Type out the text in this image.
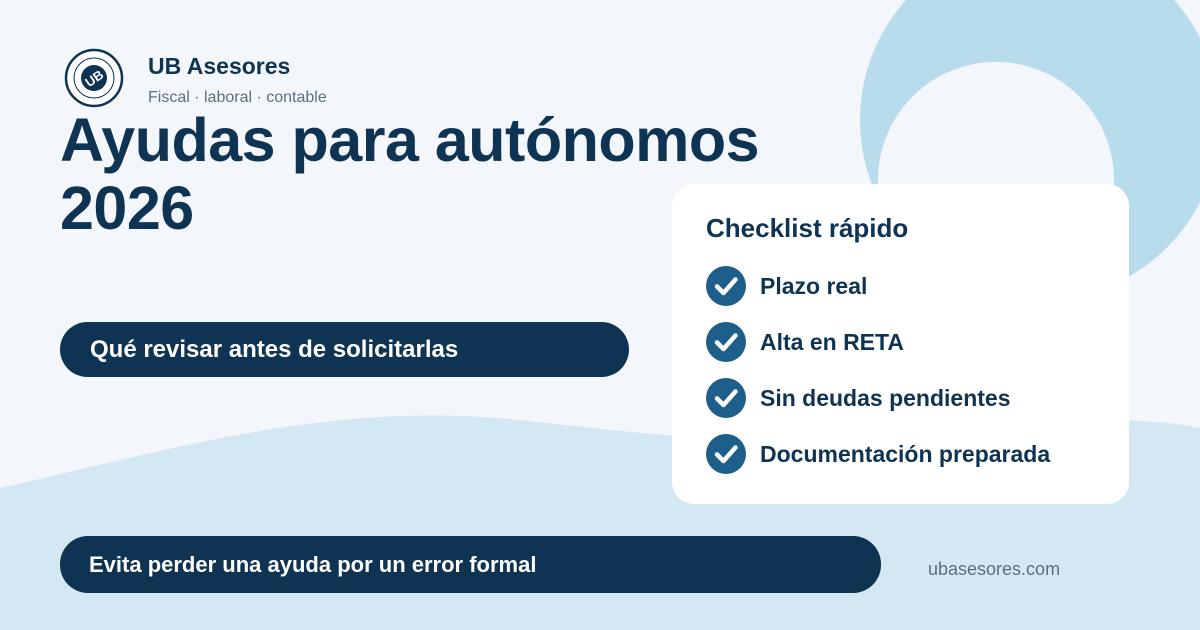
UB UB Asesores
Fiscal · laboral · contable
Ayudas para autónomos 2026
Qué revisar antes de solicitarlas
Checklist rápido
Plazo real
Alta en RETA
Sin deudas pendientes
Documentación preparada
Evita perder una ayuda por un error formal	ubasesores.com
